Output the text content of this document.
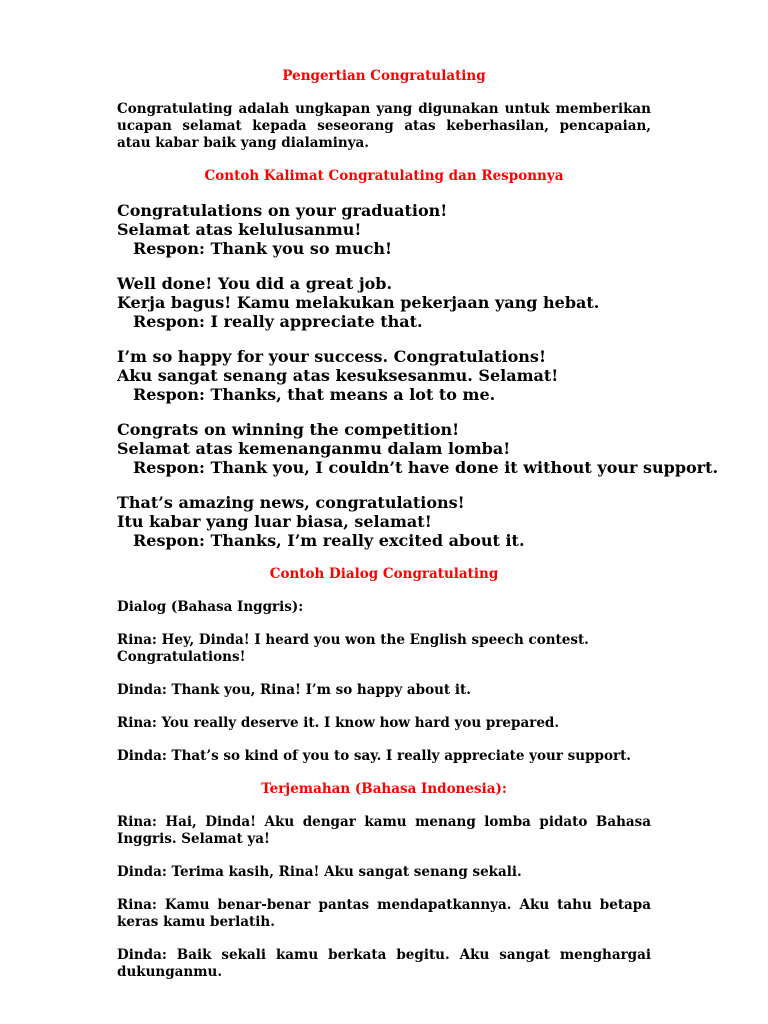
Pengertian Congratulating

Congratulating adalah ungkapan yang digunakan untuk memberikan ucapan selamat kepada seseorang atas keberhasilan, pencapaian, atau kabar baik yang dialaminya.

Contoh Kalimat Congratulating dan Responnya
Congratulations on your graduation!
Selamat atas kelulusanmu!
Respon: Thank you so much!
Well done! You did a great job.
Kerja bagus! Kamu melakukan pekerjaan yang hebat.
Respon: I really appreciate that.
I’m so happy for your success. Congratulations!
Aku sangat senang atas kesuksesanmu. Selamat!
Respon: Thanks, that means a lot to me.
Congrats on winning the competition!
Selamat atas kemenanganmu dalam lomba!
Respon: Thank you, I couldn’t have done it without your support.
That’s amazing news, congratulations!
Itu kabar yang luar biasa, selamat!
Respon: Thanks, I’m really excited about it.
Contoh Dialog Congratulating

Dialog (Bahasa Inggris):

Rina: Hey, Dinda! I heard you won the English speech contest. Congratulations!

Dinda: Thank you, Rina! I’m so happy about it.

Rina: You really deserve it. I know how hard you prepared.

Dinda: That’s so kind of you to say. I really appreciate your support.

Terjemahan (Bahasa Indonesia):

Rina: Hai, Dinda! Aku dengar kamu menang lomba pidato Bahasa Inggris. Selamat ya!

Dinda: Terima kasih, Rina! Aku sangat senang sekali.

Rina: Kamu benar-benar pantas mendapatkannya. Aku tahu betapa keras kamu berlatih.

Dinda: Baik sekali kamu berkata begitu. Aku sangat menghargai dukunganmu.
